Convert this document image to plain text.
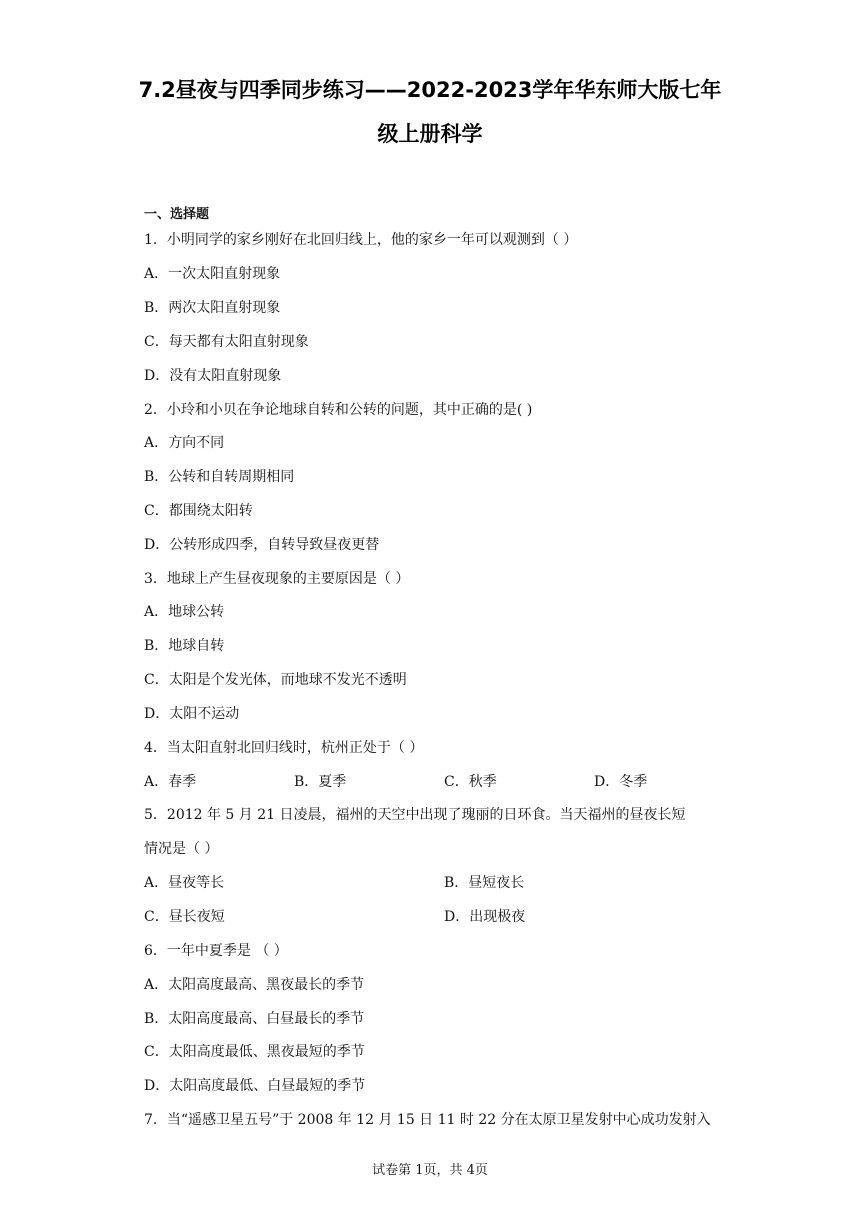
7.2昼夜与四季同步练习——2022-2023学年华东师大版七年
级上册科学
一、选择题
1．小明同学的家乡刚好在北回归线上，他的家乡一年可以观测到（ ）
A．一次太阳直射现象
B．两次太阳直射现象
C．每天都有太阳直射现象
D．没有太阳直射现象
2．小玲和小贝在争论地球自转和公转的问题，其中正确的是( )
A．方向不同
B．公转和自转周期相同
C．都围绕太阳转
D．公转形成四季，自转导致昼夜更替
3．地球上产生昼夜现象的主要原因是（ ）
A．地球公转
B．地球自转
C．太阳是个发光体，而地球不发光不透明
D．太阳不运动
4．当太阳直射北回归线时，杭州正处于（ ）
A．春季	B．夏季	C．秋季	D．冬季
5．2012 年 5 月 21 日凌晨，福州的天空中出现了瑰丽的日环食。当天福州的昼夜长短
情况是（ ）
A．昼夜等长	B．昼短夜长
C．昼长夜短	D．出现极夜
6．一年中夏季是 （ ）
A．太阳高度最高、黑夜最长的季节
B．太阳高度最高、白昼最长的季节
C．太阳高度最低、黑夜最短的季节
D．太阳高度最低、白昼最短的季节
7．当“遥感卫星五号”于 2008 年 12 月 15 日 11 时 22 分在太原卫星发射中心成功发射入
试卷第 1页，共 4页
